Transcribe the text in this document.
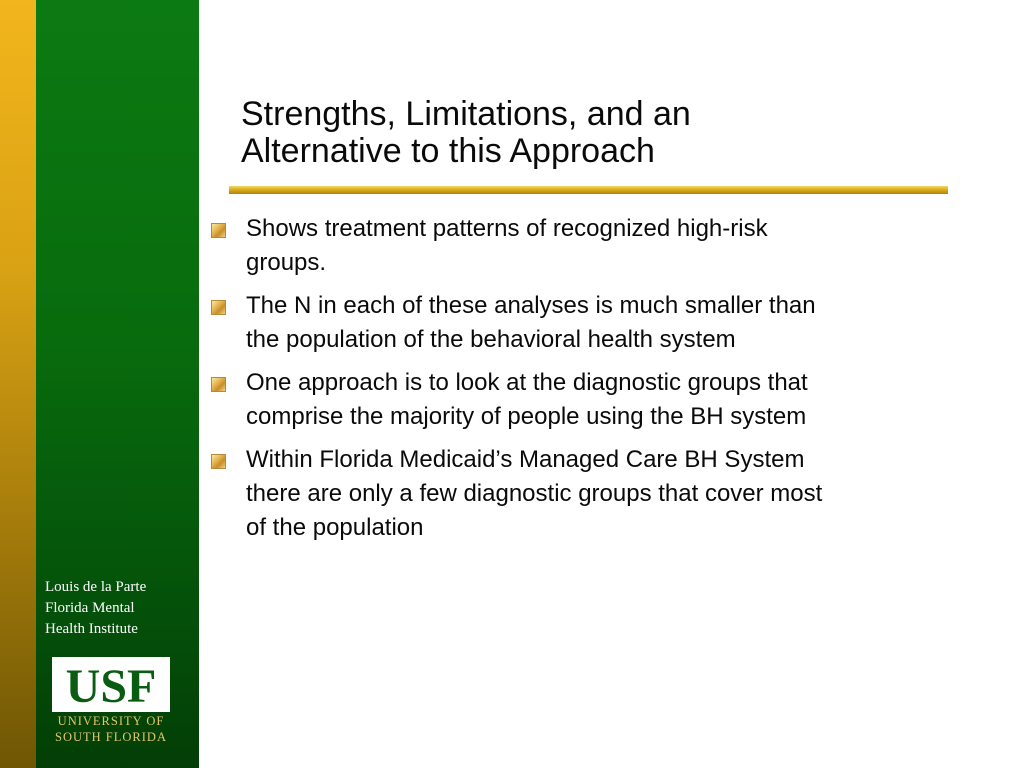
Louis de la Parte
Florida Mental
Health Institute
USF
UNIVERSITY OF
SOUTH FLORIDA
Strengths, Limitations, and an
Alternative to this Approach
Shows treatment patterns of recognized high-risk
groups.
The N in each of these analyses is much smaller than
the population of the behavioral health system
One approach is to look at the diagnostic groups that
comprise the majority of people using the BH system
Within Florida Medicaid’s Managed Care BH System
there are only a few diagnostic groups that cover most
of the population
